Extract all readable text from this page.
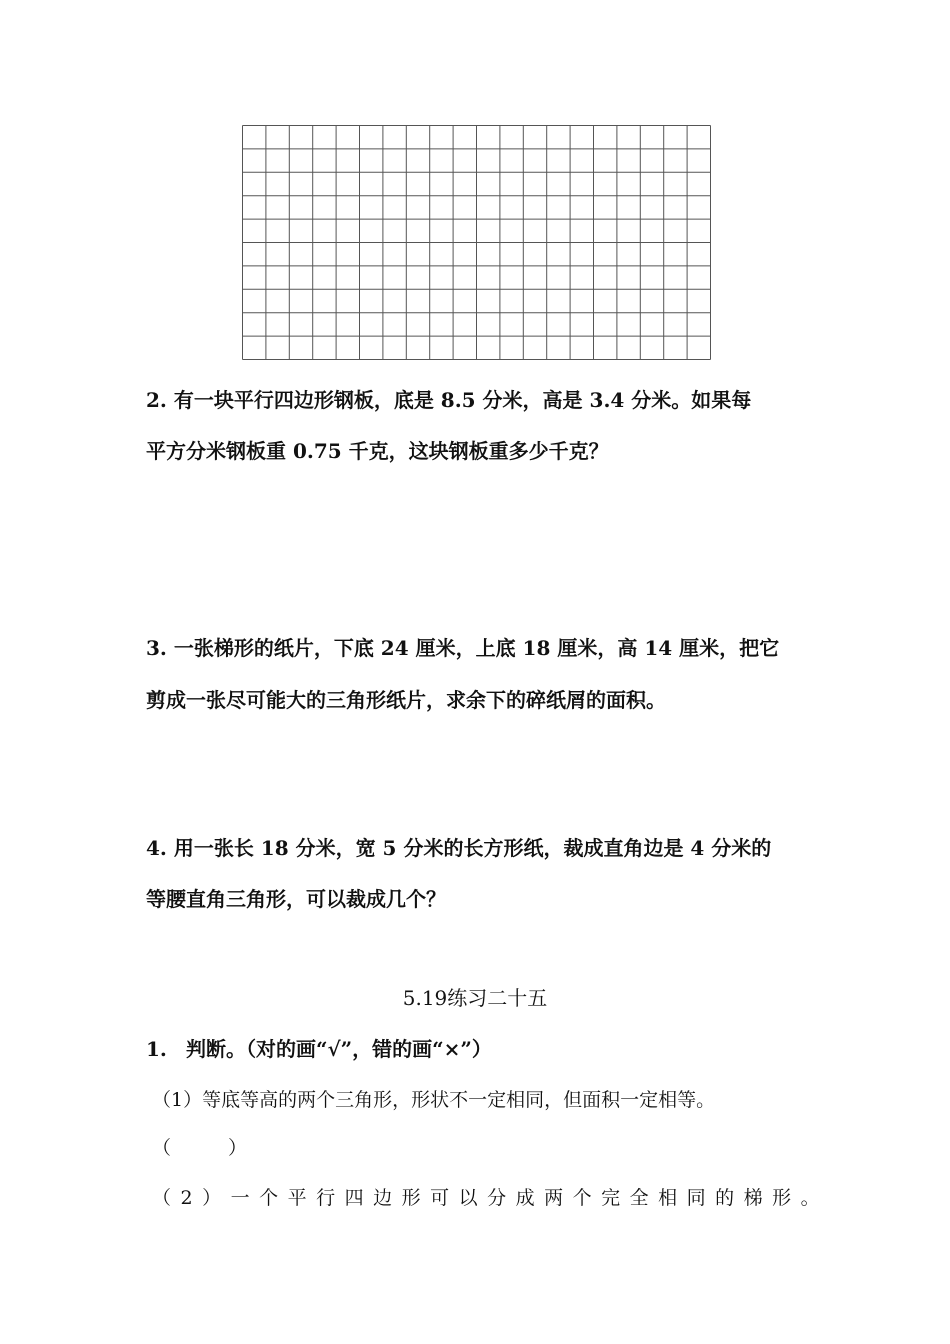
2. 有一块平行四边形钢板，底是 8.5 分米，高是 3.4 分米。如果每
平方分米钢板重 0.75 千克，这块钢板重多少千克？
3. 一张梯形的纸片，下底 24 厘米，上底 18 厘米，高 14 厘米，把它
剪成一张尽可能大的三角形纸片，求余下的碎纸屑的面积。
4. 用一张长 18 分米，宽 5 分米的长方形纸，裁成直角边是 4 分米的
等腰直角三角形，可以裁成几个？
5.19练习二十五
1. 判断。（对的画“√”，错的画“×”）
（1）等底等高的两个三角形，形状不一定相同，但面积一定相等。
（　　　）
（2）一个平行四边形可以分成两个完全相同的梯形。
